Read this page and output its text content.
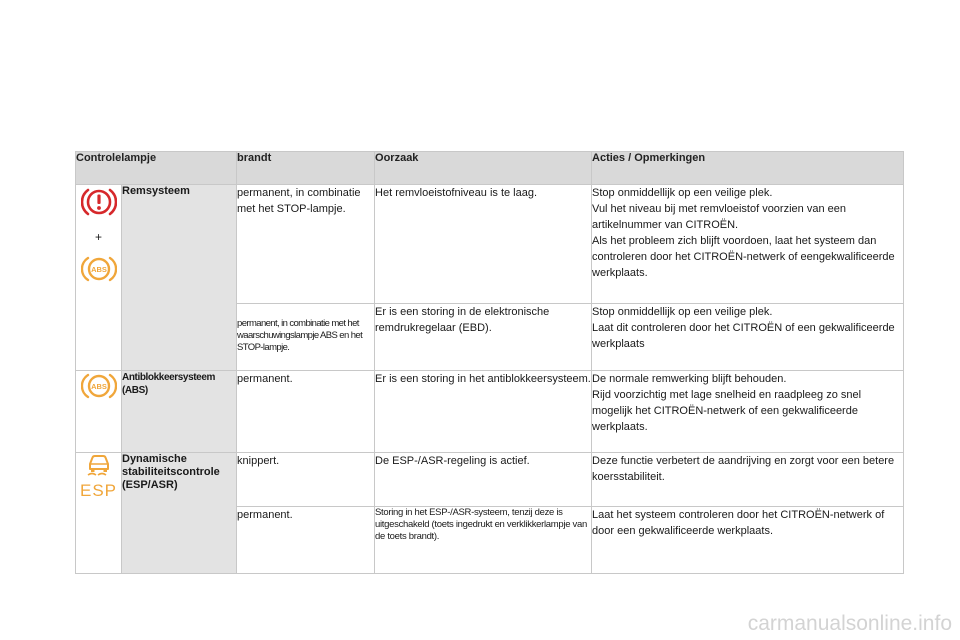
Controlelampje		brandt	Oorzaak	Acties / Opmerkingen

+
ABS	Remsysteem	permanent, in combinatie met het STOP-lampje.	Het remvloeistofniveau is te laag.	Stop onmiddellijk op een veilige plek.
Vul het niveau bij met remvloeistof voorzien van een artikelnummer van CITROËN.
Als het probleem zich blijft voordoen, laat het systeem dan controleren door het CITROËN-netwerk of eengekwalificeerde werkplaats.

		permanent, in combinatie met het waarschuwingslampje ABS en het STOP-lampje.	Er is een storing in de elektronische remdrukregelaar (EBD).	Stop onmiddellijk op een veilige plek.
Laat dit controleren door het CITROËN of een gekwalificeerde werkplaats

ABS	Antiblokkeersysteem (ABS)	permanent.	Er is een storing in het antiblokkeersysteem.	De normale remwerking blijft behouden.
Rijd voorzichtig met lage snelheid en raadpleeg zo snel mogelijk het CITROËN-netwerk of een gekwalificeerde werkplaats.

ESP	Dynamische stabiliteitscontrole (ESP/ASR)	knippert.	De ESP-/ASR-regeling is actief.	Deze functie verbetert de aandrijving en zorgt voor een betere koersstabiliteit.

		permanent.	Storing in het ESP-/ASR-systeem, tenzij deze is uitgeschakeld (toets ingedrukt en verklikkerlampje van de toets brandt).	Laat het systeem controleren door het CITROËN-netwerk of door een gekwalificeerde werkplaats.
carmanualsonline.info
